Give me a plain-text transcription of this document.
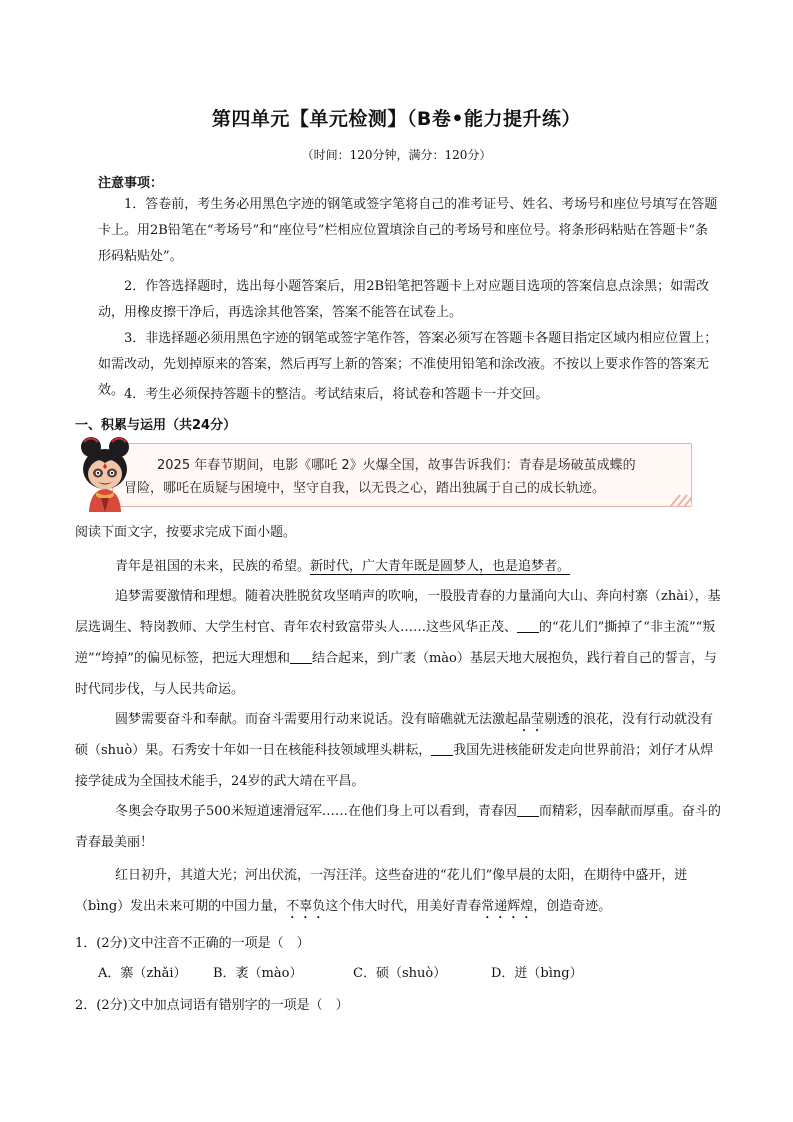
第四单元【单元检测】（B卷•能力提升练）
（时间：120分钟，满分：120分）
注意事项：
1．答卷前，考生务必用黑色字迹的钢笔或签字笔将自己的准考证号、姓名、考场号和座位号填写在答题卡上。用2B铅笔在“考场号”和“座位号”栏相应位置填涂自己的考场号和座位号。将条形码粘贴在答题卡“条形码粘贴处”。
2．作答选择题时，选出每小题答案后，用2B铅笔把答题卡上对应题目选项的答案信息点涂黑；如需改动，用橡皮擦干净后，再选涂其他答案，答案不能答在试卷上。
3．非选择题必须用黑色字迹的钢笔或签字笔作答，答案必须写在答题卡各题目指定区域内相应位置上；如需改动，先划掉原来的答案，然后再写上新的答案；不准使用铅笔和涂改液。不按以上要求作答的答案无效。 4．考生必须保持答题卡的整洁。考试结束后，将试卷和答题卡一并交回。
一、积累与运用（共24分）
2025 年春节期间，电影《哪吒 2》火爆全国，故事告诉我们：青春是场破茧成蝶的
冒险，哪吒在质疑与困境中，坚守自我，以无畏之心，踏出独属于自己的成长轨迹。
阅读下面文字，按要求完成下面小题。
青年是祖国的未来，民族的希望。新时代，广大青年既是圆梦人，也是追梦者。
追梦需要激情和理想。随着决胜脱贫攻坚哨声的吹响，一股股青春的力量涌向大山、奔向村寨（zhài），基层选调生、特岗教师、大学生村官、青年农村致富带头人……这些风华正茂、 的“花儿们”撕掉了“非主流”“叛逆”“垮掉”的偏见标签，把远大理想和 结合起来，到广袤（mào）基层天地大展抱负，践行着自己的誓言，与时代同步伐，与人民共命运。
圆梦需要奋斗和奉献。而奋斗需要用行动来说话。没有暗礁就无法激起晶莹剔透的浪花，没有行动就没有硕（shuò）果。石秀安十年如一日在核能科技领域埋头耕耘， 我国先进核能研发走向世界前沿；刘仔才从焊接学徒成为全国技术能手，24岁的武大靖在平昌。
冬奥会夺取男子500米短道速滑冠军……在他们身上可以看到，青春因 而精彩，因奉献而厚重。奋斗的青春最美丽！
红日初升，其道大光；河出伏流，一泻汪洋。这些奋进的“花儿们”像早晨的太阳，在期待中盛开，迸（bìng）发出未来可期的中国力量，不辜负这个伟大时代，用美好青春常递辉煌，创造奇迹。
1．(2分)文中注音不正确的一项是（　）
A．寨（zhǎi） B．袤（mào）	C．硕（shuò）	D．迸（bìng）
2．(2分)文中加点词语有错别字的一项是（　）
